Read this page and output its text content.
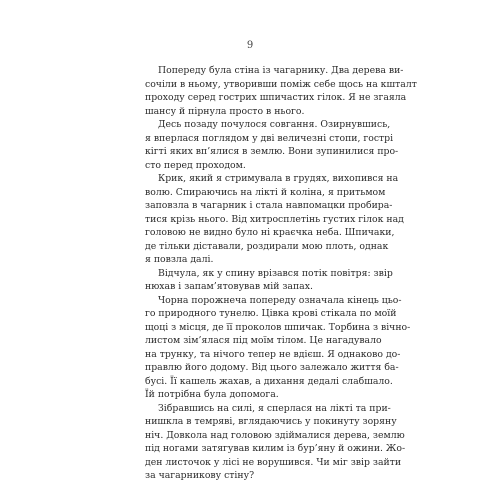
9
Попереду була стіна із чагарнику. Два дерева ви-
сочіли в ньому, утворивши поміж себе щось на кшталт
проходу серед гострих шпичастих гілок. Я не згаяла
шансу й пірнула просто в нього.
Десь позаду почулося совгання. Озирнувшись,
я вперлася поглядом у дві величезні стопи, гострі
кігті яких вп’ялися в землю. Вони зупинилися про-
сто перед проходом.
Крик, який я стримувала в грудях, вихопився на
волю. Спираючись на лікті й коліна, я притьмом
заповзла в чагарник і стала навпомацки пробира-
тися крізь нього. Від хитросплетінь густих гілок над
головою не видно було ні краєчка неба. Шпичаки,
де тільки діставали, роздирали мою плоть, однак
я повзла далі.
Відчула, як у спину врізався потік повітря: звір
нюхав і запам’ятовував мій запах.
Чорна порожнеча попереду означала кінець цьо-
го природного тунелю. Цівка крові стікала по моїй
щоці з місця, де її проколов шпичак. Торбина з вічно-
листом зім’ялася під моїм тілом. Це нагадувало
на трунку, та нічого тепер не вдієш. Я однаково до-
правлю його додому. Від цього залежало життя ба-
бусі. Її кашель жахав, а дихання дедалі слабшало.
Їй потрібна була допомога.
Зібравшись на силі, я сперлася на лікті та при-
нишкла в темряві, вглядаючись у покинуту зоряну
ніч. Довкола над головою здіймалися дерева, землю
під ногами затягував килим із бур’яну й ожини. Жо-
ден листочок у лісі не ворушився. Чи міг звір зайти
за чагарникову стіну?
